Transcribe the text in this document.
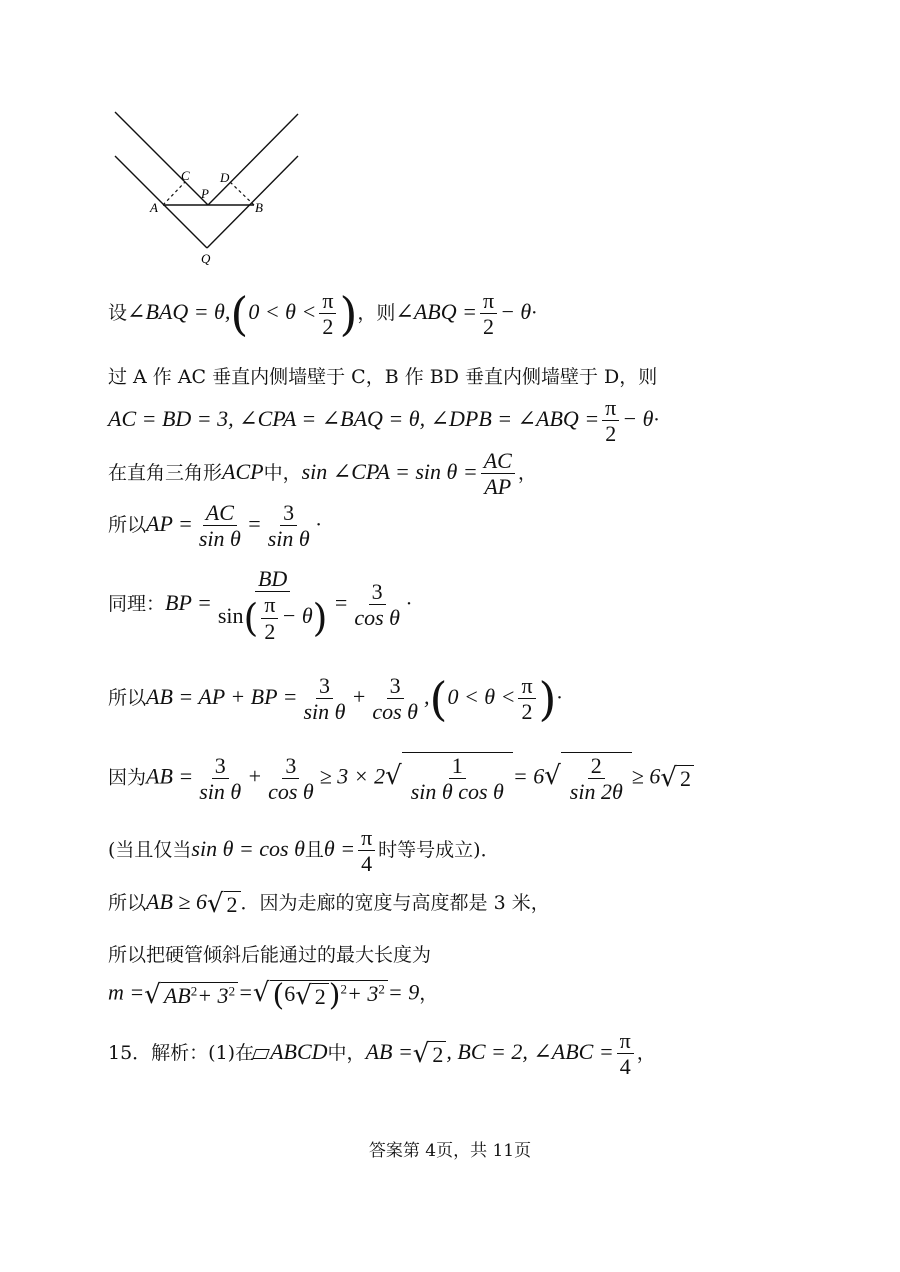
C D
P
A	B
Q
设∠BAQ = $\theta,(0 < \theta < \frac{\pi}{2}$ )，则∠ABQ = $\frac{\pi}{2} - \theta\cdot$
过 A 作 AC 垂直内侧墙壁于 C，B 作 BD 垂直内侧墙壁于 D，则
AC = BD = 3, ∠CPA = ∠BAQ = θ, ∠DPB = ∠ABQ = $\frac{\pi}{2} - \theta\cdot$
在直角三角形ACP中，sin ∠CPA = $\sin \theta = \frac{AC}{AP}$ ，
所以AP = $\frac{AC}{\text{sin θ}} = \frac{3}{\text{sin θ}}$ ·
同理：BP = $\frac{BD}{\sin( \frac{\pi}{2} - \theta)} = \frac{3}{\text{cos θ}}$ ·
所以AB = AP + BP = $\frac{3}{\text{sin θ}} + \frac{3}{\text{cos θ}} ,(0 < \theta < \frac{\pi}{2}$ )·
因为AB = $\frac{3}{\text{sin θ}} + \frac{3}{\text{cos θ}} \ge 3 \times 2√ \frac{1}{\text{sin θ cos θ}} = 6√ \frac{2}{\sin 2\theta} \ge 6√$ 2
(当且仅当sin θ = cos θ且$\theta = \frac{\pi}{4}$ 时等号成立)．
所以AB ≥ 6√ 2 ．因为走廊的宽度与高度都是 3 米，
所以把硬管倾斜后能通过的最大长度为
m =√ $AB^2+ 3^2$ =√ (6√ 2 )$^2+ 3^2 = 9$，
15．解析：(1)在 ABCD中，AB =√ 2 , BC = 2, ∠ABC = $\frac{\pi}{4}$ ，
答案第 4页，共 11页
